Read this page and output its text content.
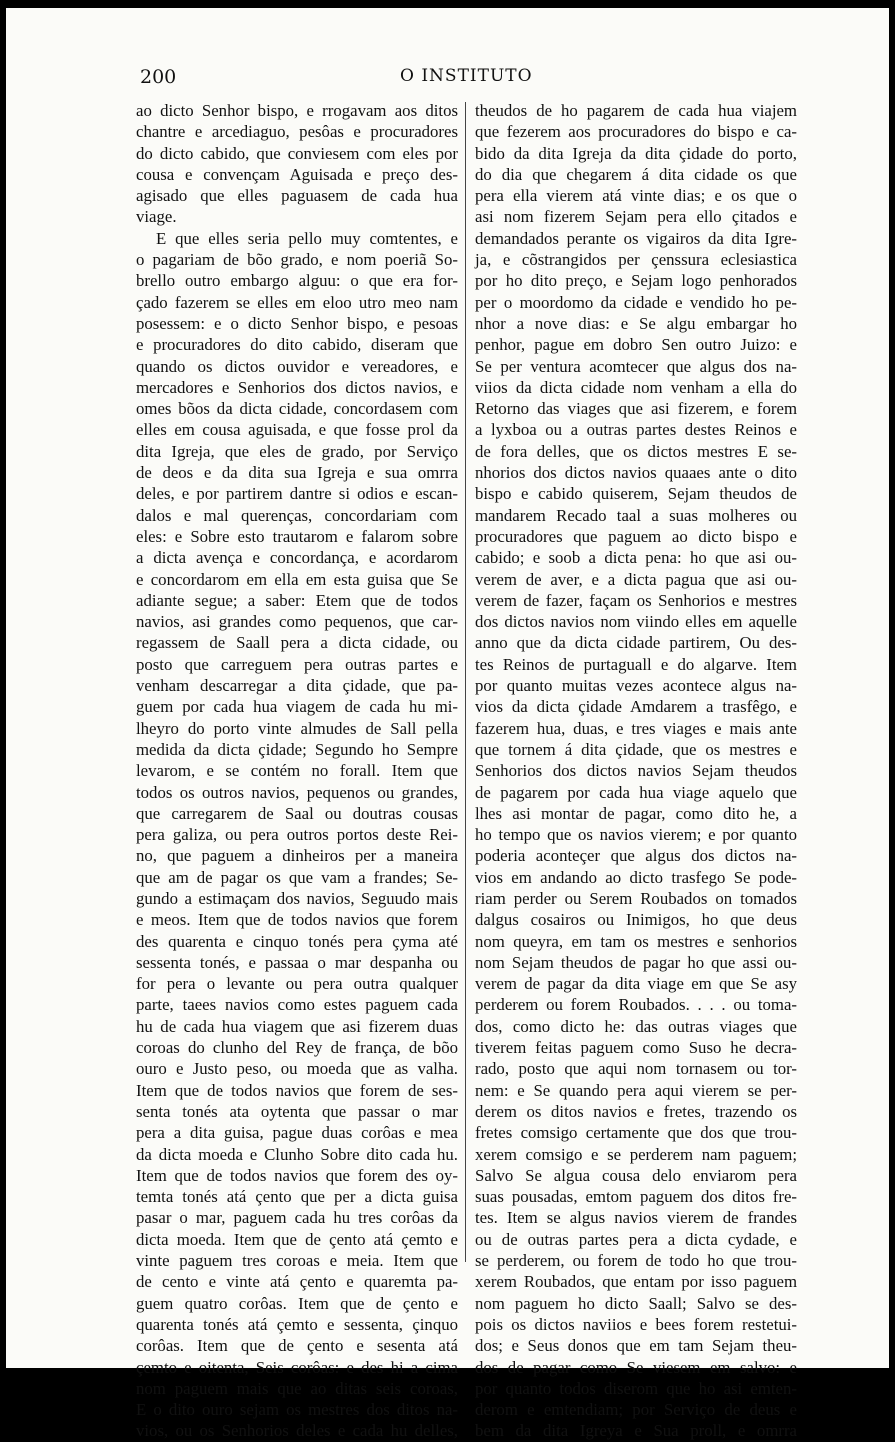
200	O INSTITUTO
ao dicto Senhor bispo, e rrogavam aos ditos
chantre e arcediaguo, pesôas e procuradores
do dicto cabido, que conviesem com eles por
cousa e convençam Aguisada e preço des-
agisado que elles paguasem de cada hua
viage.
E que elles seria pello muy comtentes, e
o pagariam de bõo grado, e nom poeriã So-
brello outro embargo alguu: o que era for-
çado fazerem se elles em eloo utro meo nam
posessem: e o dicto Senhor bispo, e pesoas
e procuradores do dito cabido, diseram que
quando os dictos ouvidor e vereadores, e
mercadores e Senhorios dos dictos navios, e
omes bõos da dicta cidade, concordasem com
elles em cousa aguisada, e que fosse prol da
dita Igreja, que eles de grado, por Serviço
de deos e da dita sua Igreja e sua omrra
deles, e por partirem dantre si odios e escan-
dalos e mal querenças, concordariam com
eles: e Sobre esto trautarom e falarom sobre
a dicta avença e concordança, e acordarom
e concordarom em ella em esta guisa que Se
adiante segue; a saber: Etem que de todos
navios, asi grandes como pequenos, que car-
regassem de Saall pera a dicta cidade, ou
posto que carreguem pera outras partes e
venham descarregar a dita çidade, que pa-
guem por cada hua viagem de cada hu mi-
lheyro do porto vinte almudes de Sall pella
medida da dicta çidade; Segundo ho Sempre
levarom, e se contém no forall. Item que
todos os outros navios, pequenos ou grandes,
que carregarem de Saal ou doutras cousas
pera galiza, ou pera outros portos deste Rei-
no, que paguem a dinheiros per a maneira
que am de pagar os que vam a frandes; Se-
gundo a estimaçam dos navios, Seguudo mais
e meos. Item que de todos navios que forem
des quarenta e cinquo tonés pera çyma até
sessenta tonés, e passaa o mar despanha ou
for pera o levante ou pera outra qualquer
parte, taees navios como estes paguem cada
hu de cada hua viagem que asi fizerem duas
coroas do clunho del Rey de frança, de bõo
ouro e Justo peso, ou moeda que as valha.
Item que de todos navios que forem de ses-
senta tonés ata oytenta que passar o mar
pera a dita guisa, pague duas corôas e mea
da dicta moeda e Clunho Sobre dito cada hu.
Item que de todos navios que forem des oy-
temta tonés atá çento que per a dicta guisa
pasar o mar, paguem cada hu tres corôas da
dicta moeda. Item que de çento atá çemto e
vinte paguem tres coroas e meia. Item que
de cento e vinte atá çento e quaremta pa-
guem quatro corôas. Item que de çento e
quarenta tonés atá çemto e sessenta, çinquo
corôas. Item que de çento e sesenta atá
çemto e oitenta, Seis corôas: e des hi a cima
nom paguem mais que ao ditas seis coroas,
E o dito ouro sejam os mestres dos ditos na-
vios, ou os Senhorios deles e cada hu delles,
theudos de ho pagarem de cada hua viajem
que fezerem aos procuradores do bispo e ca-
bido da dita Igreja da dita çidade do porto,
do dia que chegarem á dita cidade os que
pera ella vierem atá vinte dias; e os que o
asi nom fizerem Sejam pera ello çitados e
demandados perante os vigairos da dita Igre-
ja, e cõstrangidos per çenssura eclesiastica
por ho dito preço, e Sejam logo penhorados
per o moordomo da cidade e vendido ho pe-
nhor a nove dias: e Se algu embargar ho
penhor, pague em dobro Sen outro Juizo: e
Se per ventura acomtecer que algus dos na-
viios da dicta cidade nom venham a ella do
Retorno das viages que asi fizerem, e forem
a lyxboa ou a outras partes destes Reinos e
de fora delles, que os dictos mestres E se-
nhorios dos dictos navios quaaes ante o dito
bispo e cabido quiserem, Sejam theudos de
mandarem Recado taal a suas molheres ou
procuradores que paguem ao dicto bispo e
cabido; e soob a dicta pena: ho que asi ou-
verem de aver, e a dicta pagua que asi ou-
verem de fazer, façam os Senhorios e mestres
dos dictos navios nom viindo elles em aquelle
anno que da dicta cidade partirem, Ou des-
tes Reinos de purtaguall e do algarve. Item
por quanto muitas vezes acontece algus na-
vios da dicta çidade Amdarem a trasfêgo, e
fazerem hua, duas, e tres viages e mais ante
que tornem á dita çidade, que os mestres e
Senhorios dos dictos navios Sejam theudos
de pagarem por cada hua viage aquelo que
lhes asi montar de pagar, como dito he, a
ho tempo que os navios vierem; e por quanto
poderia aconteçer que algus dos dictos na-
vios em andando ao dicto trasfego Se pode-
riam perder ou Serem Roubados on tomados
dalgus cosairos ou Inimigos, ho que deus
nom queyra, em tam os mestres e senhorios
nom Sejam theudos de pagar ho que assi ou-
verem de pagar da dita viage em que Se asy
perderem ou forem Roubados. . . . ou toma-
dos, como dicto he: das outras viages que
tiverem feitas paguem como Suso he decra-
rado, posto que aqui nom tornasem ou tor-
nem: e Se quando pera aqui vierem se per-
derem os ditos navios e fretes, trazendo os
fretes comsigo certamente que dos que trou-
xerem comsigo e se perderem nam paguem;
Salvo Se algua cousa delo enviarom pera
suas pousadas, emtom paguem dos ditos fre-
tes. Item se algus navios vierem de frandes
ou de outras partes pera a dicta cydade, e
se perderem, ou forem de todo ho que trou-
xerem Roubados, que entam por isso paguem
nom paguem ho dicto Saall; Salvo se des-
pois os dictos naviios e bees forem restetui-
dos; e Seus donos que em tam Sejam theu-
dos de pagar como Se viesem em salvo: e
por quanto todos diserom que ho asi emten-
derom e emtendiam; por Serviço de deus e
bem da dita Igreya e Sua proll, e omrra
